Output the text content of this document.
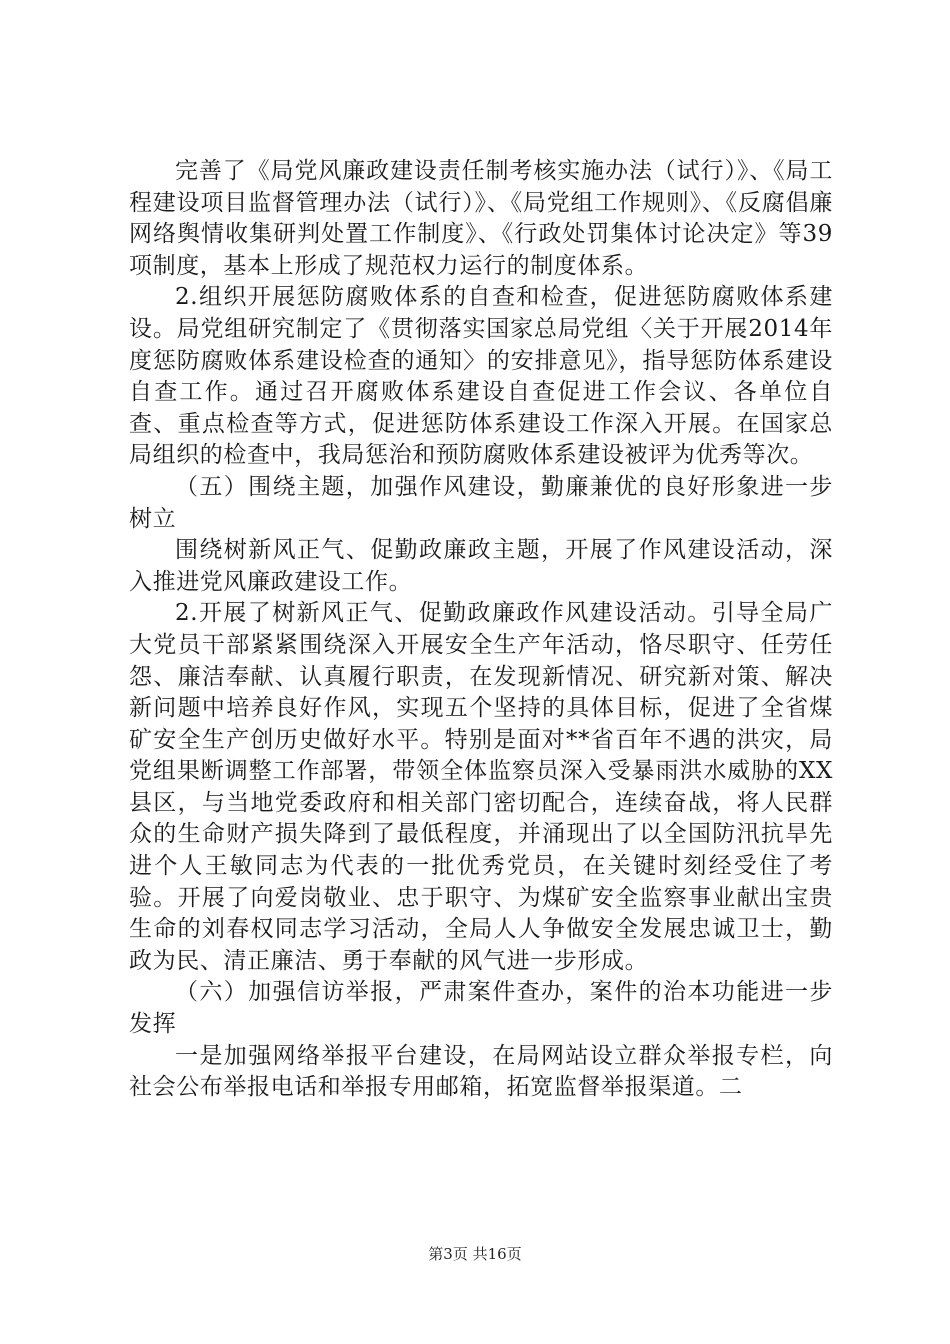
完善了《局党风廉政建设责任制考核实施办法（试行）》、《局工程建设项目监督管理办法（试行）》、《局党组工作规则》、《反腐倡廉网络舆情收集研判处置工作制度》、《行政处罚集体讨论决定》等39项制度，基本上形成了规范权力运行的制度体系。

2.组织开展惩防腐败体系的自查和检查，促进惩防腐败体系建设。局党组研究制定了《贯彻落实国家总局党组〈关于开展2014年度惩防腐败体系建设检查的通知〉的安排意见》，指导惩防体系建设自查工作。通过召开腐败体系建设自查促进工作会议、各单位自查、重点检查等方式，促进惩防体系建设工作深入开展。在国家总局组织的检查中，我局惩治和预防腐败体系建设被评为优秀等次。

（五）围绕主题，加强作风建设，勤廉兼优的良好形象进一步树立

围绕树新风正气、促勤政廉政主题，开展了作风建设活动，深入推进党风廉政建设工作。

2.开展了树新风正气、促勤政廉政作风建设活动。引导全局广大党员干部紧紧围绕深入开展安全生产年活动，恪尽职守、任劳任怨、廉洁奉献、认真履行职责，在发现新情况、研究新对策、解决新问题中培养良好作风，实现五个坚持的具体目标，促进了全省煤矿安全生产创历史做好水平。特别是面对**省百年不遇的洪灾，局党组果断调整工作部署，带领全体监察员深入受暴雨洪水威胁的XX县区，与当地党委政府和相关部门密切配合，连续奋战，将人民群众的生命财产损失降到了最低程度，并涌现出了以全国防汛抗旱先进个人王敏同志为代表的一批优秀党员，在关键时刻经受住了考验。开展了向爱岗敬业、忠于职守、为煤矿安全监察事业献出宝贵生命的刘春权同志学习活动，全局人人争做安全发展忠诚卫士，勤政为民、清正廉洁、勇于奉献的风气进一步形成。

（六）加强信访举报，严肃案件查办，案件的治本功能进一步发挥

一是加强网络举报平台建设，在局网站设立群众举报专栏，向社会公布举报电话和举报专用邮箱，拓宽监督举报渠道。二

第3页 共16页
